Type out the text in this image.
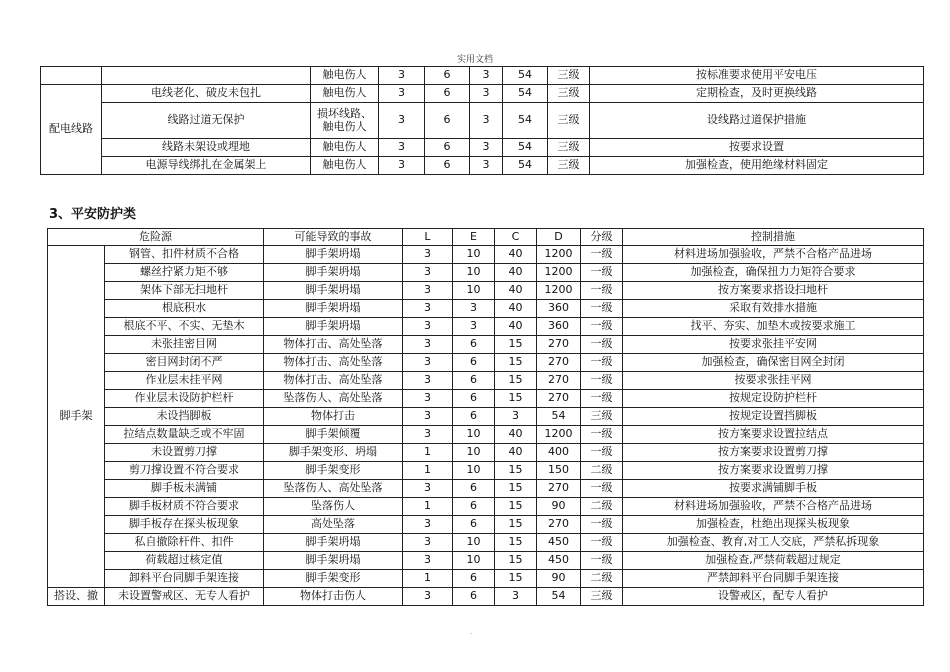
实用文档
		触电伤人	3	6	3	54	三级	按标准要求使用平安电压
配电线路	电线老化、破皮未包扎	触电伤人	3	6	3	54	三级	定期检查，及时更换线路
	线路过道无保护	损坏线路、触电伤人	3	6	3	54	三级	设线路过道保护措施
	线路未架设或埋地	触电伤人	3	6	3	54	三级	按要求设置
	电源导线绑扎在金属架上	触电伤人	3	6	3	54	三级	加强检查，使用绝缘材料固定
3、平安防护类
危险源		可能导致的事故	L	E	C	D	分级	控制措施
脚手架	钢管、扣件材质不合格	脚手架坍塌	3	10	40	1200	一级	材料进场加强验收，严禁不合格产品进场
	螺丝拧紧力矩不够	脚手架坍塌	3	10	40	1200	一级	加强检查，确保扭力力矩符合要求
	架体下部无扫地杆	脚手架坍塌	3	10	40	1200	一级	按方案要求搭设扫地杆
	根底积水	脚手架坍塌	3	3	40	360	一级	采取有效排水措施
	根底不平、不实、无垫木	脚手架坍塌	3	3	40	360	一级	找平、夯实、加垫木或按要求施工
	未张挂密目网	物体打击、高处坠落	3	6	15	270	一级	按要求张挂平安网
	密目网封闭不严	物体打击、高处坠落	3	6	15	270	一级	加强检查，确保密目网全封闭
	作业层未挂平网	物体打击、高处坠落	3	6	15	270	一级	按要求张挂平网
	作业层未设防护栏杆	坠落伤人、高处坠落	3	6	15	270	一级	按规定设防护栏杆
	未设挡脚板	物体打击	3	6	3	54	三级	按规定设置挡脚板
	拉结点数量缺乏或不牢固	脚手架倾覆	3	10	40	1200	一级	按方案要求设置拉结点
	未设置剪刀撑	脚手架变形、坍塌	1	10	40	400	一级	按方案要求设置剪刀撑
	剪刀撑设置不符合要求	脚手架变形	1	10	15	150	二级	按方案要求设置剪刀撑
	脚手板未满铺	坠落伤人、高处坠落	3	6	15	270	一级	按要求满铺脚手板
	脚手板材质不符合要求	坠落伤人	1	6	15	90	二级	材料进场加强验收，严禁不合格产品进场
	脚手板存在探头板现象	高处坠落	3	6	15	270	一级	加强检查，杜绝出现探头板现象
	私自撤除杆件、扣件	脚手架坍塌	3	10	15	450	一级	加强检查、教育,对工人交底，严禁私拆现象
	荷载超过核定值	脚手架坍塌	3	10	15	450	一级	加强检查,严禁荷载超过规定
	卸料平台同脚手架连接	脚手架变形	1	6	15	90	二级	严禁卸料平台同脚手架连接
搭设、撤	未设置警戒区、无专人看护	物体打击伤人	3	6	3	54	三级	设警戒区，配专人看护
.
